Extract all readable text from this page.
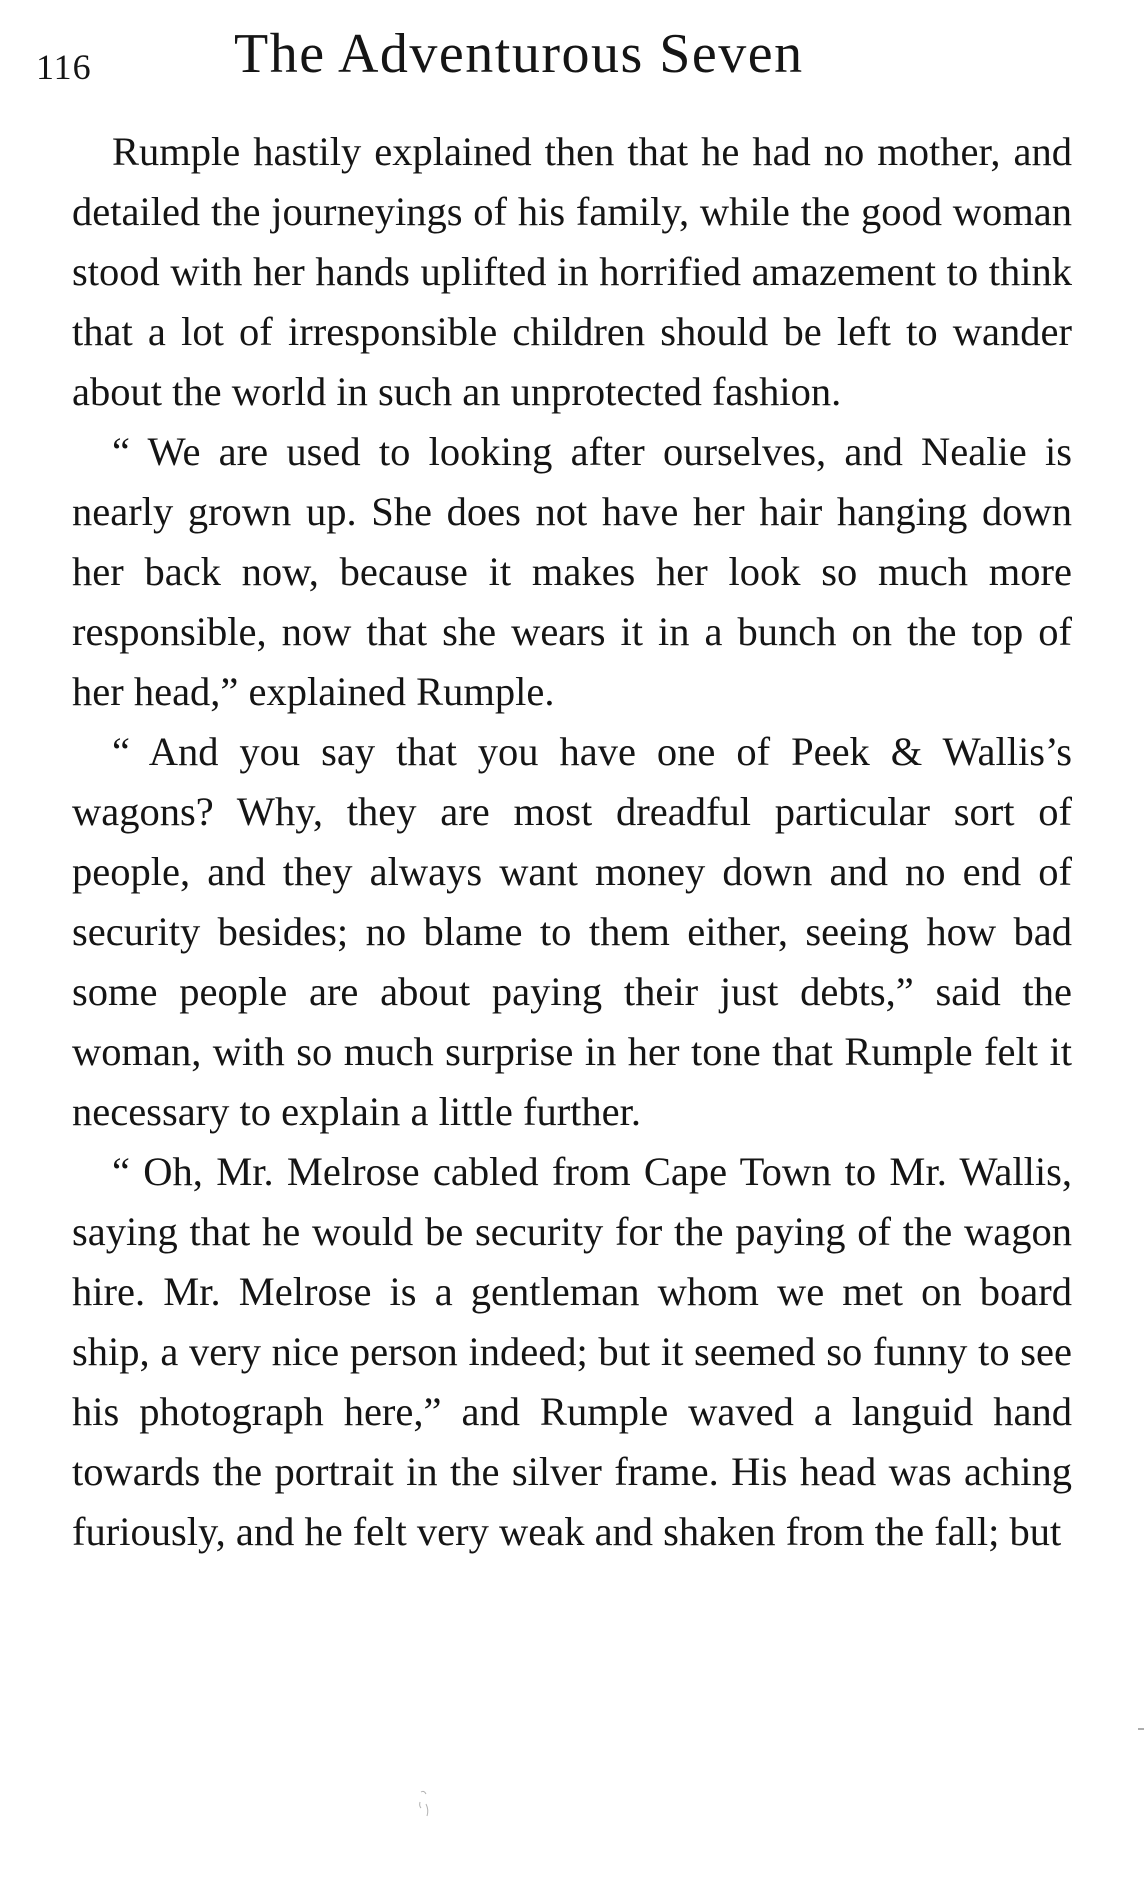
116	The Adventurous Seven

Rumple hastily explained then that he had no mother, and detailed the journeyings of his family, while the good woman stood with her hands uplifted in horrified amazement to think that a lot of irresponsible children should be left to wander about the world in such an unprotected fashion.

“ We are used to looking after ourselves, and Nealie is nearly grown up. She does not have her hair hanging down her back now, because it makes her look so much more responsible, now that she wears it in a bunch on the top of her head,” explained Rumple.

“ And you say that you have one of Peek & Wallis’s wagons? Why, they are most dreadful particular sort of people, and they always want money down and no end of security besides; no blame to them either, seeing how bad some people are about paying their just debts,” said the woman, with so much surprise in her tone that Rumple felt it necessary to explain a little further.

“ Oh, Mr. Melrose cabled from Cape Town to Mr. Wallis, saying that he would be security for the paying of the wagon hire. Mr. Melrose is a gentleman whom we met on board ship, a very nice person indeed; but it seemed so funny to see his photograph here,” and Rumple waved a languid hand towards the portrait in the silver frame. His head was aching furiously, and he felt very weak and shaken from the fall; but
